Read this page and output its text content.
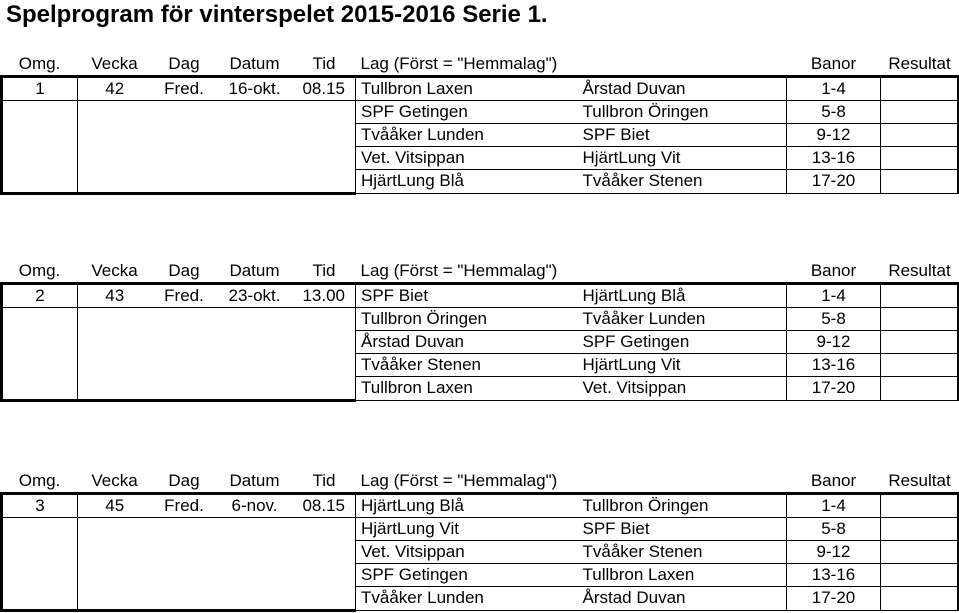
Spelprogram för vinterspelet 2015-2016 Serie 1.
Omg.	Vecka	Dag	Datum	Tid	Lag (Först = "Hemmalag")		Banor	Resultat
1	42	Fred.	16-okt.	08.15	Tullbron Laxen	Årstad Duvan	1-4	
					SPF Getingen	Tullbron Öringen	5-8	
					Tvååker Lunden	SPF Biet	9-12	
					Vet. Vitsippan	HjärtLung Vit	13-16	
					HjärtLung Blå	Tvååker Stenen	17-20	
Omg.	Vecka	Dag	Datum	Tid	Lag (Först = "Hemmalag")		Banor	Resultat
2	43	Fred.	23-okt.	13.00	SPF Biet	HjärtLung Blå	1-4	
					Tullbron Öringen	Tvååker Lunden	5-8	
					Årstad Duvan	SPF Getingen	9-12	
					Tvååker Stenen	HjärtLung Vit	13-16	
					Tullbron Laxen	Vet. Vitsippan	17-20	
Omg.	Vecka	Dag	Datum	Tid	Lag (Först = "Hemmalag")		Banor	Resultat
3	45	Fred.	6-nov.	08.15	HjärtLung Blå	Tullbron Öringen	1-4	
					HjärtLung Vit	SPF Biet	5-8	
					Vet. Vitsippan	Tvååker Stenen	9-12	
					SPF Getingen	Tullbron Laxen	13-16	
					Tvååker Lunden	Årstad Duvan	17-20	
